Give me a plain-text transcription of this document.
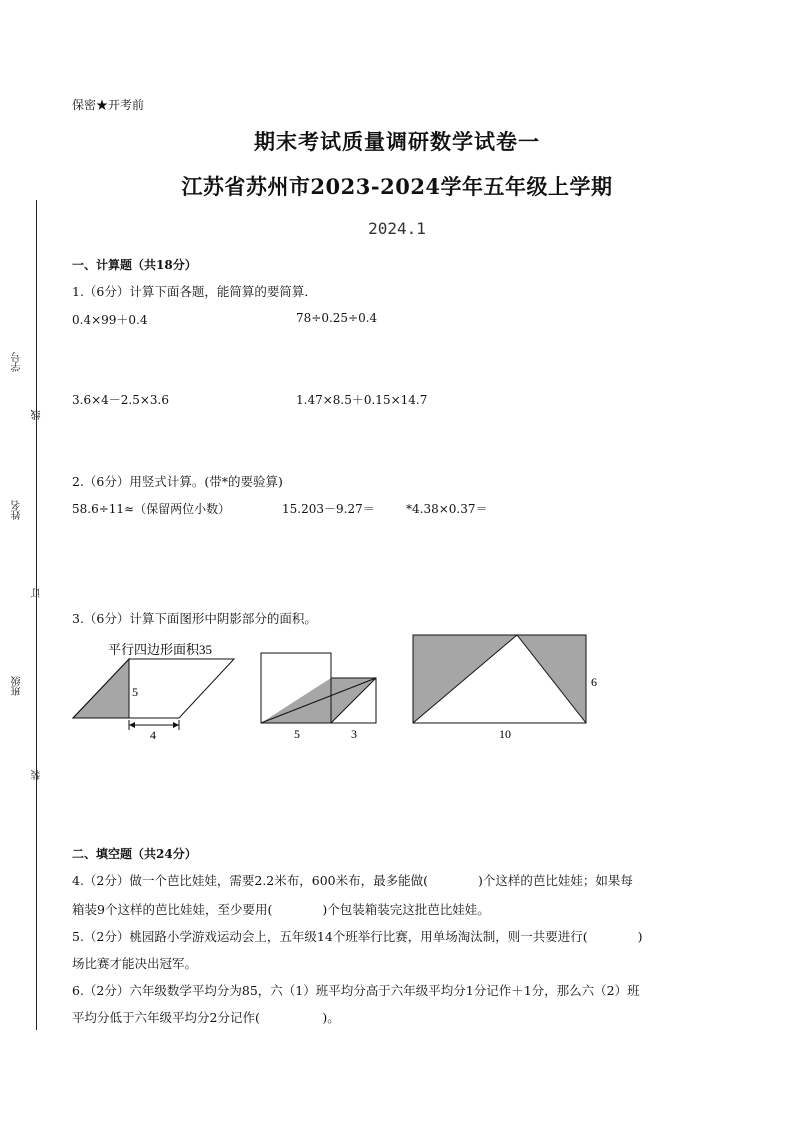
学号
线
姓名
订
班级
装
保密★开考前
期末考试质量调研数学试卷一
江苏省苏州市2023-2024学年五年级上学期
2024.1
一、计算题（共18分）
1.（6分）计算下面各题，能简算的要简算．
0.4×99＋0.4	78÷0.25÷0.4
3.6×4－2.5×3.6	1.47×8.5＋0.15×14.7
2.（6分）用竖式计算。(带*的要验算)
58.6÷11≈（保留两位小数）	15.203－9.27＝	*4.38×0.37＝
3.（6分）计算下面图形中阴影部分的面积。
平行四边形面积35
5
4	5	3
6
10
二、填空题（共24分）
4.（2分）做一个芭比娃娃，需要2.2米布，600米布，最多能做(　　　　)个这样的芭比娃娃；如果每
箱装9个这样的芭比娃娃，至少要用(　　　　)个包装箱装完这批芭比娃娃。
5.（2分）桃园路小学游戏运动会上，五年级14个班举行比赛，用单场淘汰制，则一共要进行(　　　　)
场比赛才能决出冠军。
6.（2分）六年级数学平均分为85，六（1）班平均分高于六年级平均分1分记作＋1分，那么六（2）班
平均分低于六年级平均分2分记作(　　　　　)。
